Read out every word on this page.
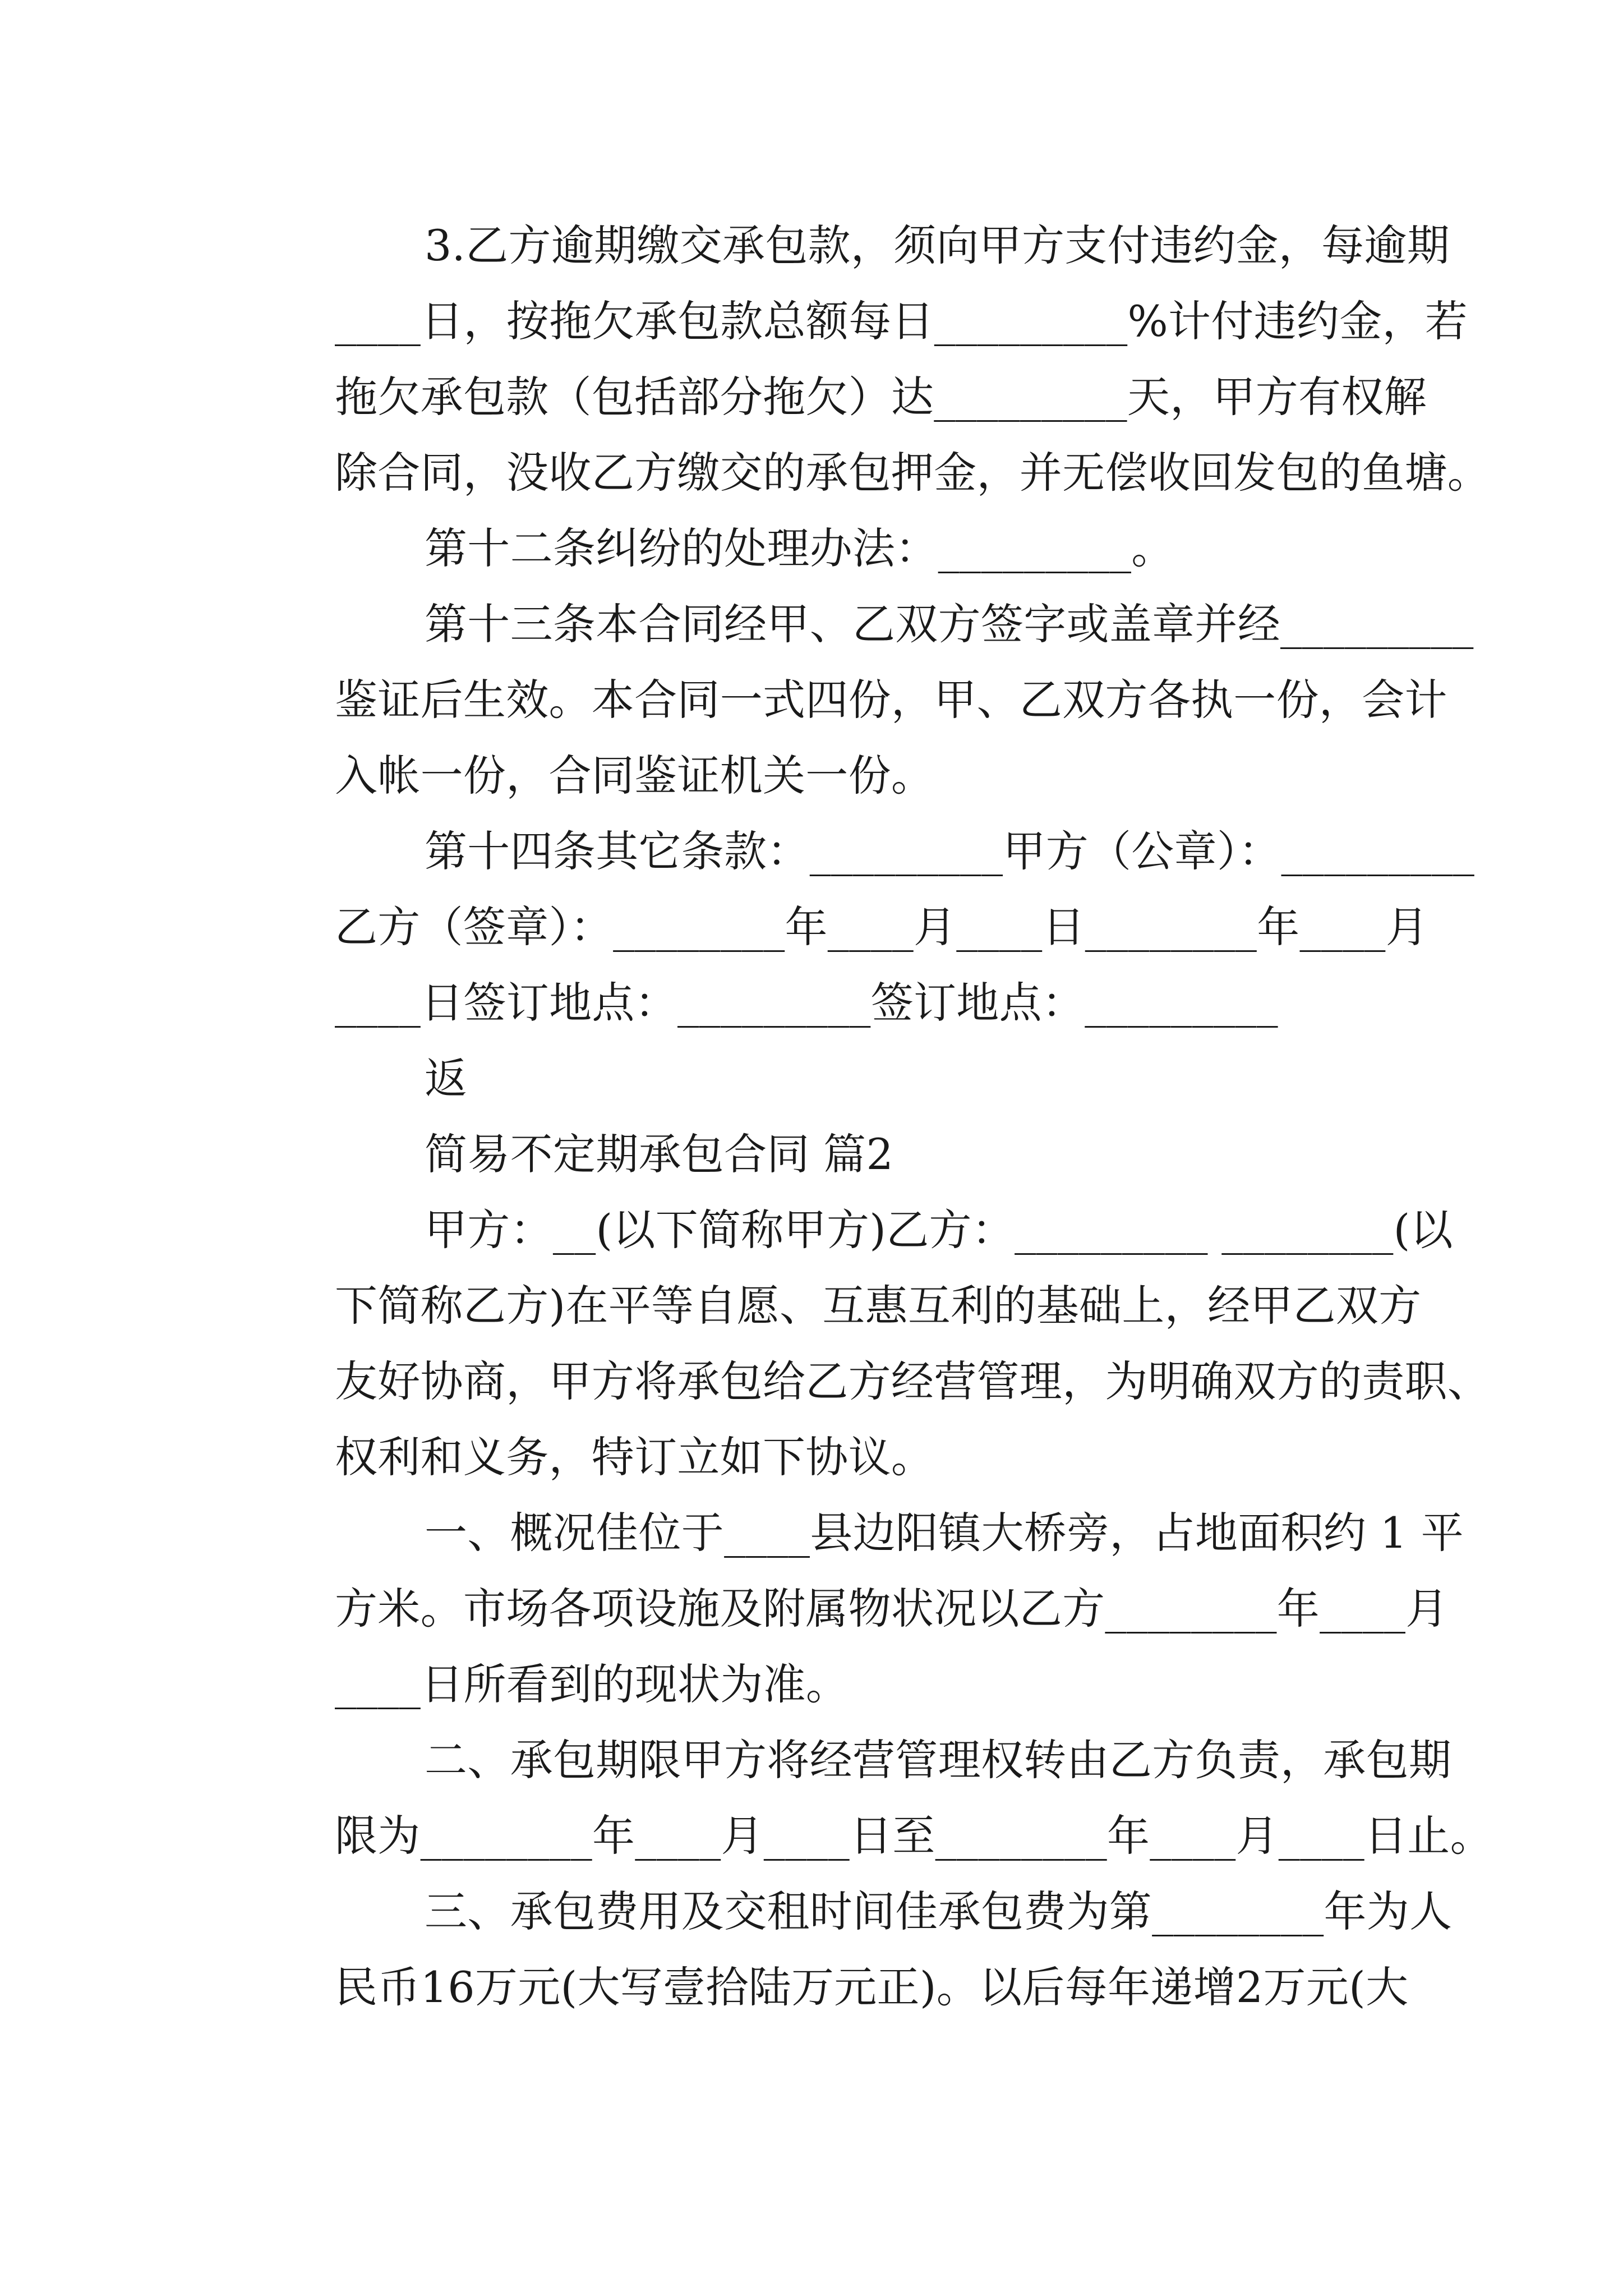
3.乙方逾期缴交承包款，须向甲方支付违约金，每逾期
____日，按拖欠承包款总额每日_________%计付违约金，若
拖欠承包款（包括部分拖欠）达_________天，甲方有权解
除合同，没收乙方缴交的承包押金，并无偿收回发包的鱼塘。
第十二条纠纷的处理办法：_________。
第十三条本合同经甲、乙双方签字或盖章并经_________
鉴证后生效。本合同一式四份，甲、乙双方各执一份，会计
入帐一份，合同鉴证机关一份。
第十四条其它条款：_________甲方（公章）：_________
乙方（签章）：________年____月____日________年____月
____日签订地点：_________签订地点：_________
返
简易不定期承包合同 篇2
甲方：__(以下简称甲方)乙方：_________ ________(以
下简称乙方)在平等自愿、互惠互利的基础上，经甲乙双方
友好协商，甲方将承包给乙方经营管理，为明确双方的责职、
权利和义务，特订立如下协议。
一、概况佳位于____县边阳镇大桥旁，占地面积约 1 平
方米。市场各项设施及附属物状况以乙方________年____月
____日所看到的现状为准。
二、承包期限甲方将经营管理权转由乙方负责，承包期
限为________年____月____日至________年____月____日止。
三、承包费用及交租时间佳承包费为第________年为人
民币16万元(大写壹拾陆万元正)。以后每年递增2万元(大
